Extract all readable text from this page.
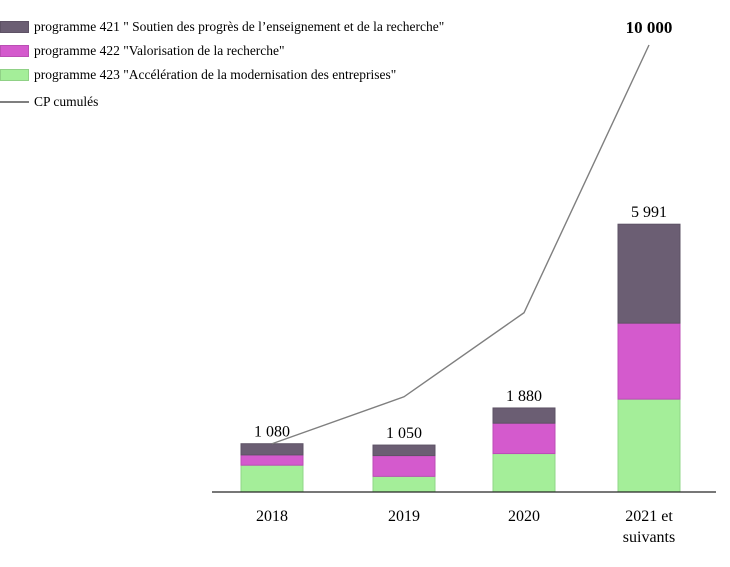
programme 421 " Soutien des progrès de l’enseignement et de la recherche"
programme 422 "Valorisation de la recherche"
programme 423 "Accélération de la modernisation des entreprises"
CP cumulés
1 080
2018
1 050
2019
1 880
2020
5 991
2021 et
suivants
10 000
